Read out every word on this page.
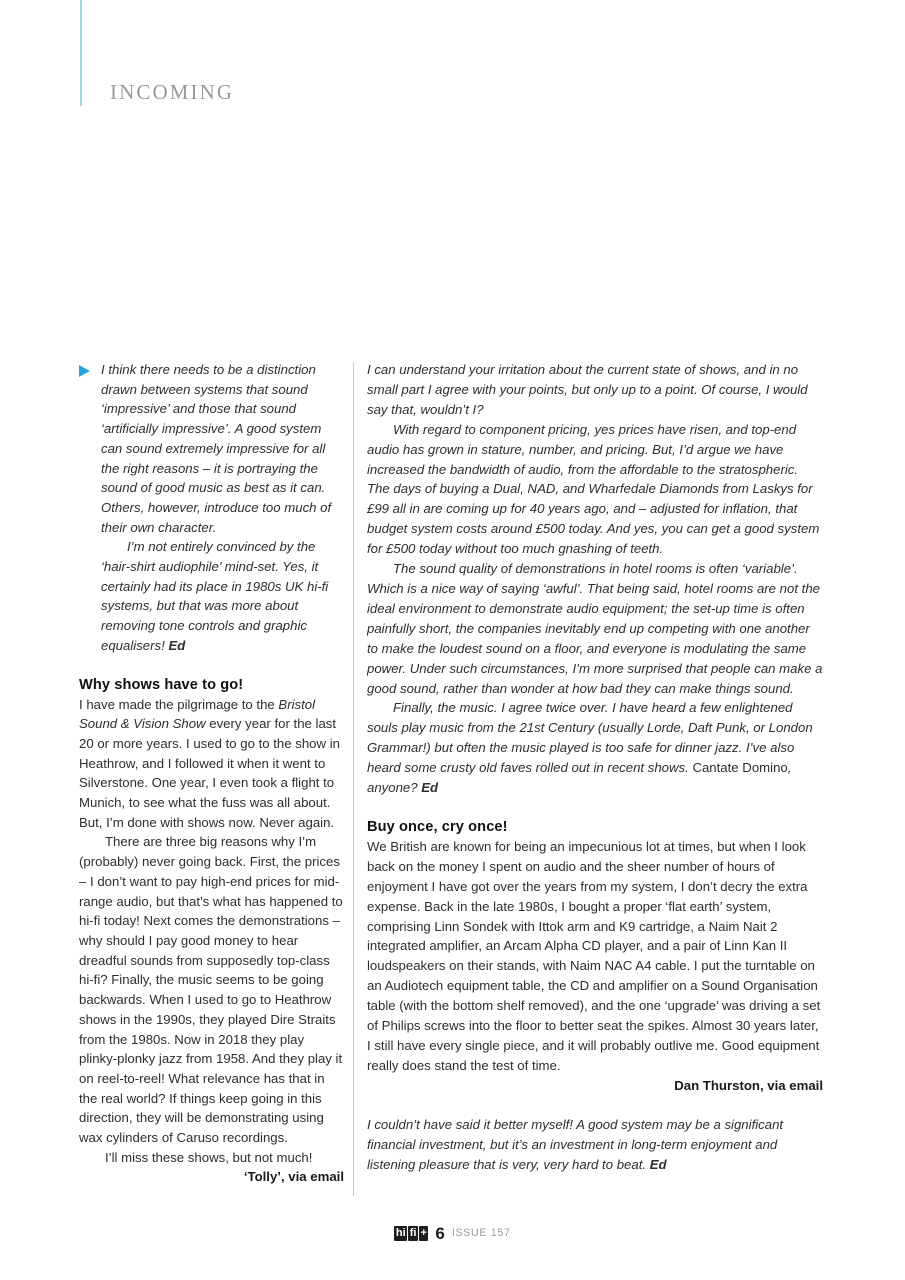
INCOMING

I think there needs to be a distinction drawn between systems that sound ‘impressive’ and those that sound ‘artificially impressive’. A good system can sound extremely impressive for all the right reasons – it is portraying the sound of good music as best as it can. Others, however, introduce too much of their own character.

I’m not entirely convinced by the ‘hair-shirt audiophile’ mind-set. Yes, it certainly had its place in 1980s UK hi-fi systems, but that was more about removing tone controls and graphic equalisers! Ed

Why shows have to go!

I have made the pilgrimage to the Bristol Sound & Vision Show every year for the last 20 or more years. I used to go to the show in Heathrow, and I followed it when it went to Silverstone. One year, I even took a flight to Munich, to see what the fuss was all about. But, I’m done with shows now. Never again.

There are three big reasons why I’m (probably) never going back. First, the prices – I don’t want to pay high-end prices for mid-range audio, but that’s what has happened to hi-fi today! Next comes the demonstrations – why should I pay good money to hear dreadful sounds from supposedly top-class hi-fi? Finally, the music seems to be going backwards. When I used to go to Heathrow shows in the 1990s, they played Dire Straits from the 1980s. Now in 2018 they play plinky-plonky jazz from 1958. And they play it on reel-to-reel! What relevance has that in the real world? If things keep going in this direction, they will be demonstrating using wax cylinders of Caruso recordings.

I’ll miss these shows, but not much!

‘Tolly’, via email

I can understand your irritation about the current state of shows, and in no small part I agree with your points, but only up to a point. Of course, I would say that, wouldn’t I?

With regard to component pricing, yes prices have risen, and top-end audio has grown in stature, number, and pricing. But, I’d argue we have increased the bandwidth of audio, from the affordable to the stratospheric. The days of buying a Dual, NAD, and Wharfedale Diamonds from Laskys for £99 all in are coming up for 40 years ago, and – adjusted for inflation, that budget system costs around £500 today. And yes, you can get a good system for £500 today without too much gnashing of teeth.

The sound quality of demonstrations in hotel rooms is often ‘variable’. Which is a nice way of saying ‘awful’. That being said, hotel rooms are not the ideal environment to demonstrate audio equipment; the set-up time is often painfully short, the companies inevitably end up competing with one another to make the loudest sound on a floor, and everyone is modulating the same power. Under such circumstances, I’m more surprised that people can make a good sound, rather than wonder at how bad they can make things sound.

Finally, the music. I agree twice over. I have heard a few enlightened souls play music from the 21st Century (usually Lorde, Daft Punk, or London Grammar!) but often the music played is too safe for dinner jazz. I’ve also heard some crusty old faves rolled out in recent shows. Cantate Domino, anyone? Ed

Buy once, cry once!

We British are known for being an impecunious lot at times, but when I look back on the money I spent on audio and the sheer number of hours of enjoyment I have got over the years from my system, I don’t decry the extra expense. Back in the late 1980s, I bought a proper ‘flat earth’ system, comprising Linn Sondek with Ittok arm and K9 cartridge, a Naim Nait 2 integrated amplifier, an Arcam Alpha CD player, and a pair of Linn Kan II loudspeakers on their stands, with Naim NAC A4 cable. I put the turntable on an Audiotech equipment table, the CD and amplifier on a Sound Organisation table (with the bottom shelf removed), and the one ‘upgrade’ was driving a set of Philips screws into the floor to better seat the spikes. Almost 30 years later, I still have every single piece, and it will probably outlive me. Good equipment really does stand the test of time.

Dan Thurston, via email

I couldn’t have said it better myself! A good system may be a significant financial investment, but it’s an investment in long-term enjoyment and listening pleasure that is very, very hard to beat. Ed

hi fi + 6 ISSUE 157
